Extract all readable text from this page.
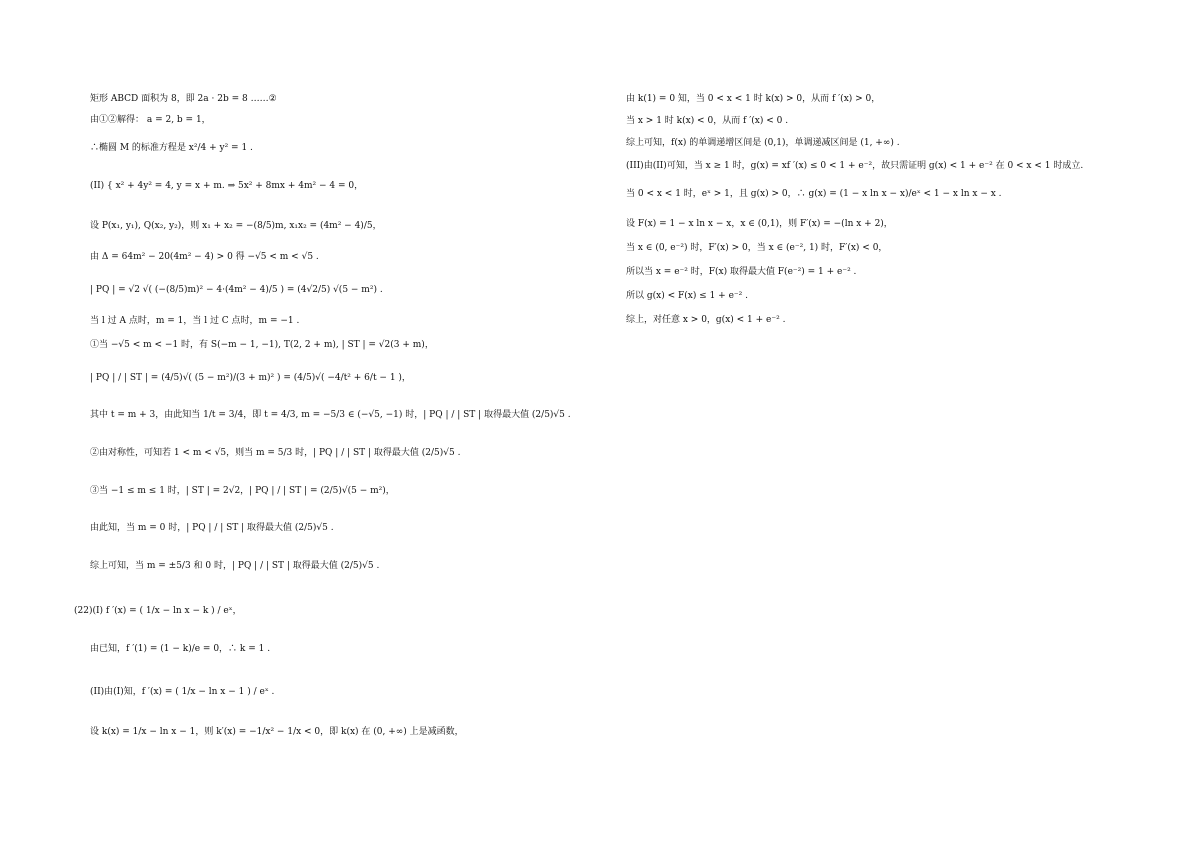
矩形 ABCD 面积为 8，即 2a · 2b = 8 ……②
由①②解得： a = 2, b = 1，
∴椭圆 M 的标准方程是 x²/4 + y² = 1 .
(II) { x² + 4y² = 4, y = x + m. ⇒ 5x² + 8mx + 4m² − 4 = 0，
设 P(x₁, y₁), Q(x₂, y₂)，则 x₁ + x₂ = −(8/5)m, x₁x₂ = (4m² − 4)/5，
由 Δ = 64m² − 20(4m² − 4) > 0 得 −√5 < m < √5 .
| PQ | = √2 √( (−(8/5)m)² − 4·(4m² − 4)/5 ) = (4√2/5) √(5 − m²) .
当 l 过 A 点时，m = 1，当 l 过 C 点时，m = −1 .
①当 −√5 < m < −1 时，有 S(−m − 1, −1), T(2, 2 + m), | ST | = √2(3 + m)，
| PQ | / | ST | = (4/5)√( (5 − m²)/(3 + m)² ) = (4/5)√( −4/t² + 6/t − 1 )，
其中 t = m + 3，由此知当 1/t = 3/4，即 t = 4/3, m = −5/3 ∈ (−√5, −1) 时，| PQ | / | ST | 取得最大值 (2/5)√5 .
②由对称性，可知若 1 < m < √5，则当 m = 5/3 时，| PQ | / | ST | 取得最大值 (2/5)√5 .
③当 −1 ≤ m ≤ 1 时，| ST | = 2√2，| PQ | / | ST | = (2/5)√(5 − m²)，
由此知，当 m = 0 时，| PQ | / | ST | 取得最大值 (2/5)√5 .
综上可知，当 m = ±5/3 和 0 时，| PQ | / | ST | 取得最大值 (2/5)√5 .
(22)(I) f ′(x) = ( 1/x − ln x − k ) / eˣ，
由已知，f ′(1) = (1 − k)/e = 0，∴ k = 1 .
(II)由(I)知，f ′(x) = ( 1/x − ln x − 1 ) / eˣ .
设 k(x) = 1/x − ln x − 1，则 k′(x) = −1/x² − 1/x < 0，即 k(x) 在 (0, +∞) 上是减函数，
由 k(1) = 0 知，当 0 < x < 1 时 k(x) > 0，从而 f ′(x) > 0，
当 x > 1 时 k(x) < 0，从而 f ′(x) < 0 .
综上可知，f(x) 的单调递增区间是 (0,1)，单调递减区间是 (1, +∞) .
(III)由(II)可知，当 x ≥ 1 时，g(x) = xf ′(x) ≤ 0 < 1 + e⁻²，故只需证明 g(x) < 1 + e⁻² 在 0 < x < 1 时成立.
当 0 < x < 1 时，eˣ > 1，且 g(x) > 0，∴ g(x) = (1 − x ln x − x)/eˣ < 1 − x ln x − x .
设 F(x) = 1 − x ln x − x，x ∈ (0,1)，则 F′(x) = −(ln x + 2)，
当 x ∈ (0, e⁻²) 时，F′(x) > 0，当 x ∈ (e⁻², 1) 时，F′(x) < 0，
所以当 x = e⁻² 时，F(x) 取得最大值 F(e⁻²) = 1 + e⁻² .
所以 g(x) < F(x) ≤ 1 + e⁻² .
综上，对任意 x > 0，g(x) < 1 + e⁻² .
